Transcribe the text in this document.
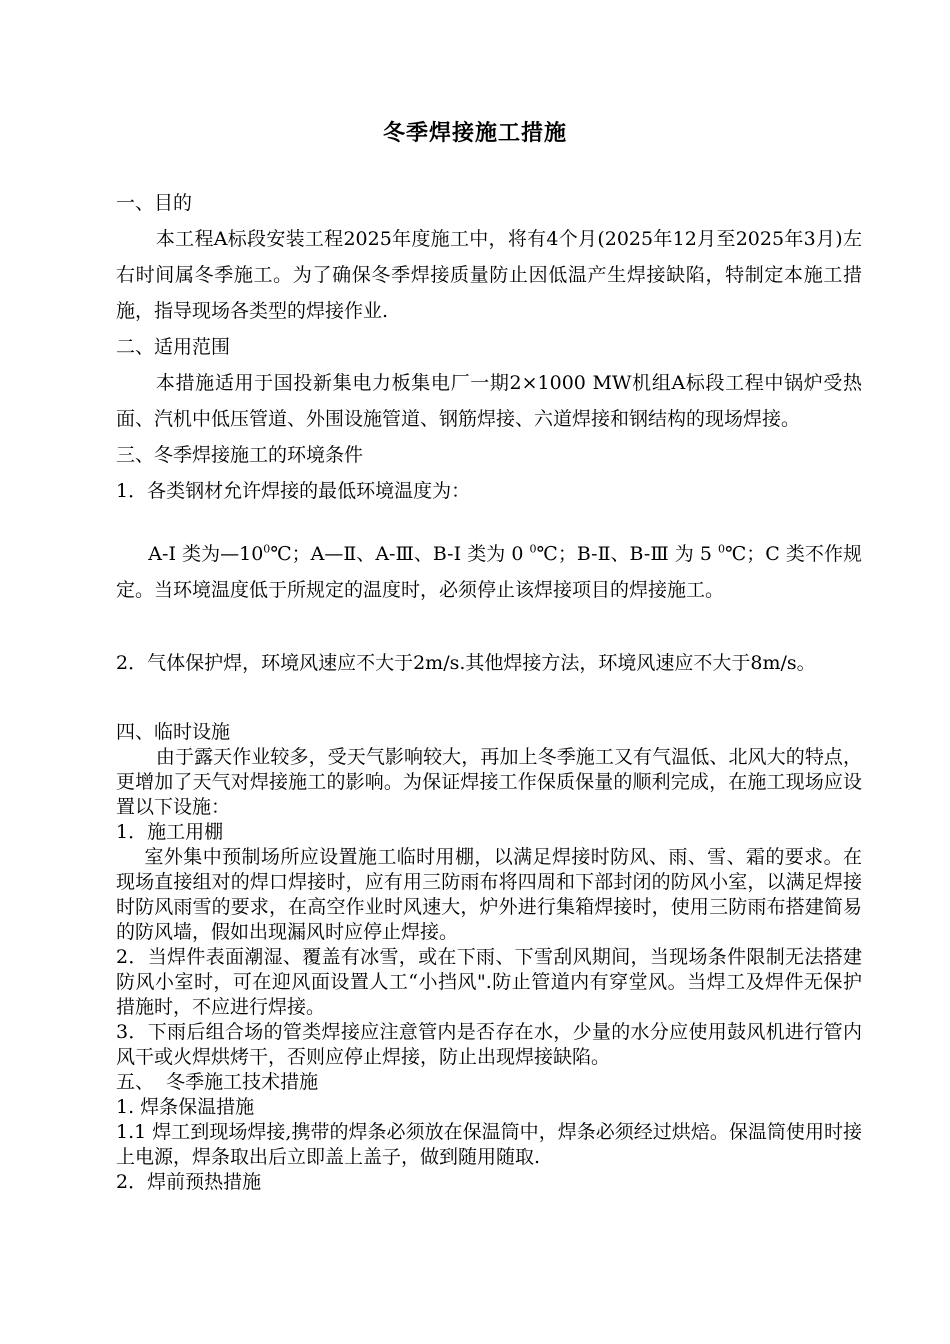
冬季焊接施工措施
一、目的
本工程A标段安装工程2025年度施工中，将有4个月(2025年12月至2025年3月)左右时间属冬季施工。为了确保冬季焊接质量防止因低温产生焊接缺陷，特制定本施工措施，指导现场各类型的焊接作业.
二、适用范围
本措施适用于国投新集电力板集电厂一期2×1000 MW机组A标段工程中锅炉受热面、汽机中低压管道、外围设施管道、钢筋焊接、六道焊接和钢结构的现场焊接。
三、冬季焊接施工的环境条件
1．各类钢材允许焊接的最低环境温度为：
A-Ⅰ 类为$—10^0℃$；A—Ⅱ、A-Ⅲ、B-Ⅰ 类为 0 $^0$℃；B-Ⅱ、B-Ⅲ 为 5 $^0$℃；C 类不作规定。当环境温度低于所规定的温度时，必须停止该焊接项目的焊接施工。
2．气体保护焊，环境风速应不大于2m/s.其他焊接方法，环境风速应不大于8m/s。
四、临时设施
由于露天作业较多，受天气影响较大，再加上冬季施工又有气温低、北风大的特点，更增加了天气对焊接施工的影响。为保证焊接工作保质保量的顺利完成，在施工现场应设置以下设施：
1．施工用棚
室外集中预制场所应设置施工临时用棚，以满足焊接时防风、雨、雪、霜的要求。在现场直接组对的焊口焊接时，应有用三防雨布将四周和下部封闭的防风小室，以满足焊接时防风雨雪的要求，在高空作业时风速大，炉外进行集箱焊接时，使用三防雨布搭建简易的防风墙，假如出现漏风时应停止焊接。
2．当焊件表面潮湿、覆盖有冰雪，或在下雨、下雪刮风期间，当现场条件限制无法搭建防风小室时，可在迎风面设置人工“小挡风".防止管道内有穿堂风。当焊工及焊件无保护措施时，不应进行焊接。
3．下雨后组合场的管类焊接应注意管内是否存在水，少量的水分应使用鼓风机进行管内风干或火焊烘烤干，否则应停止焊接，防止出现焊接缺陷。
五、  冬季施工技术措施
1. 焊条保温措施
1.1 焊工到现场焊接,携带的焊条必须放在保温筒中，焊条必须经过烘焙。保温筒使用时接上电源，焊条取出后立即盖上盖子，做到随用随取.
2．焊前预热措施
